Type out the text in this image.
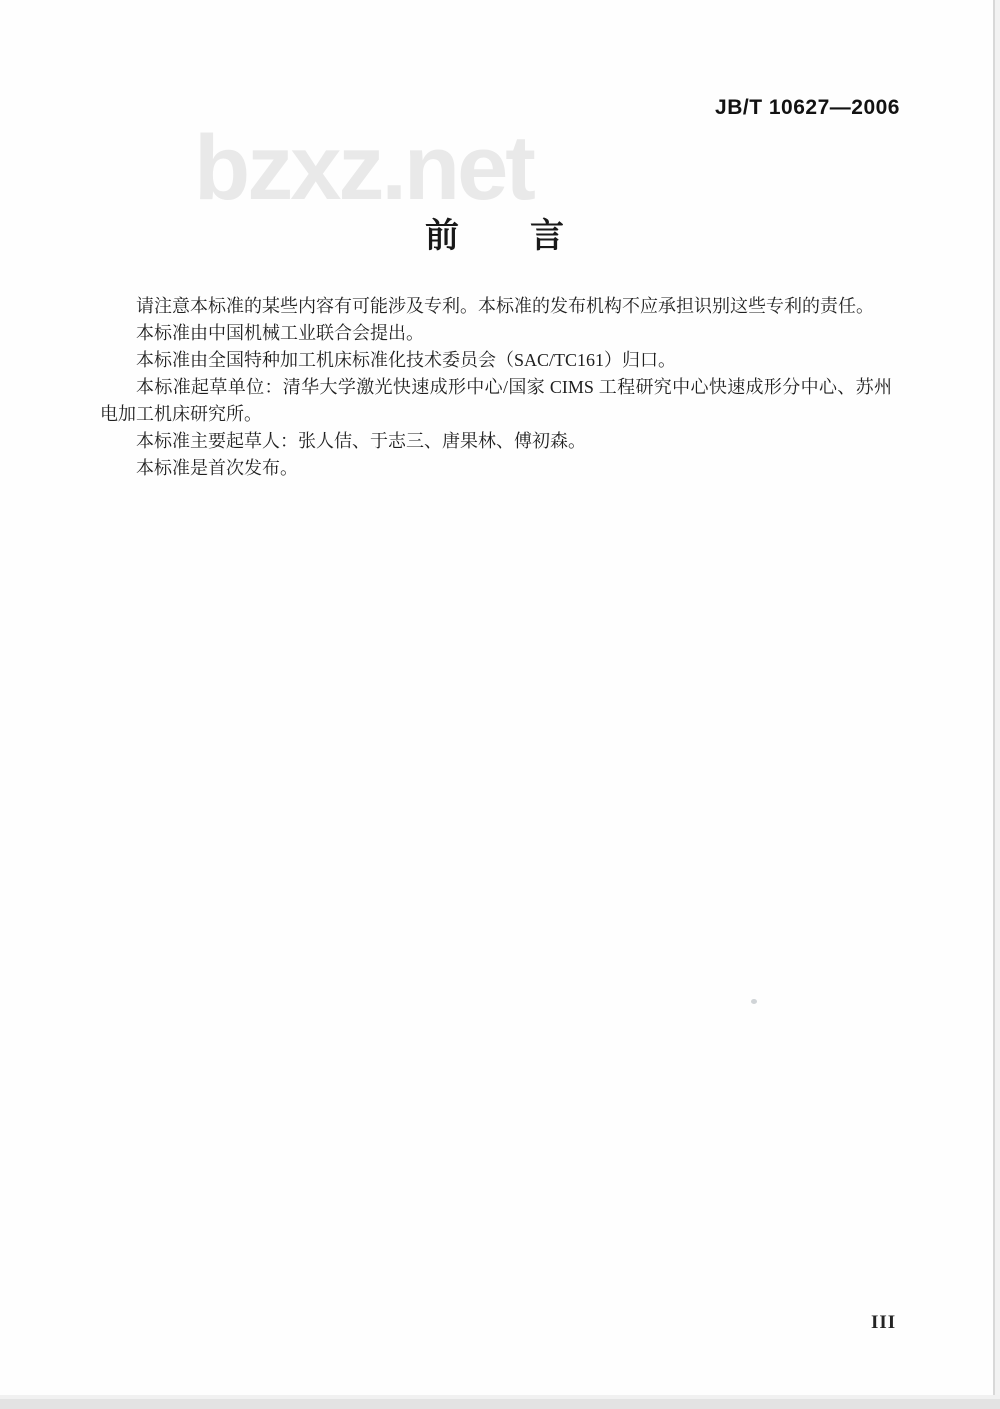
JB/T 10627—2006
bzxz.net
前　　言

请注意本标准的某些内容有可能涉及专利。本标准的发布机构不应承担识别这些专利的责任。

本标准由中国机械工业联合会提出。

本标准由全国特种加工机床标准化技术委员会（SAC/TC161）归口。

本标准起草单位：清华大学激光快速成形中心/国家 CIMS 工程研究中心快速成形分中心、苏州电加工机床研究所。

本标准主要起草人：张人佶、于志三、唐果林、傅初森。

本标准是首次发布。

III
